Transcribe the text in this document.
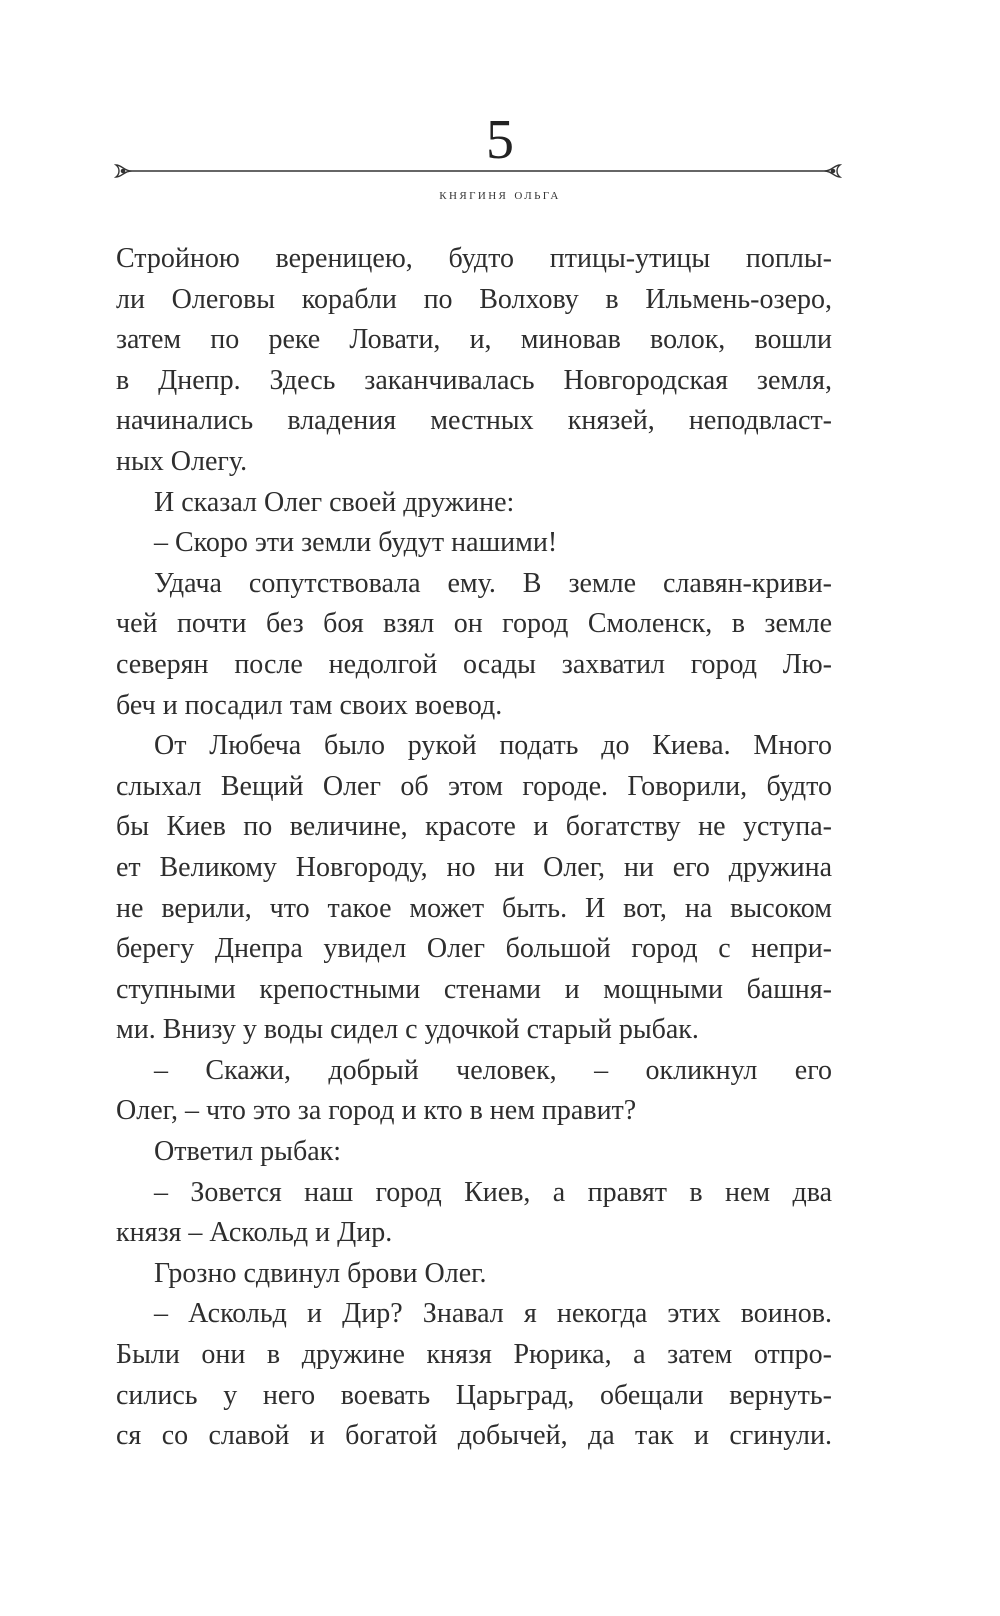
5
княгиня ольга
Стройною вереницею, будто птицы-утицы поплы-
ли Олеговы корабли по Волхову в Ильмень-озеро,
затем по реке Ловати, и, миновав волок, вошли
в Днепр. Здесь заканчивалась Новгородская земля,
начинались владения местных князей, неподвласт-
ных Олегу.
И сказал Олег своей дружине:
– Скоро эти земли будут нашими!
Удача сопутствовала ему. В земле славян-криви-
чей почти без боя взял он город Смоленск, в земле
северян после недолгой осады захватил город Лю-
беч и посадил там своих воевод.
От Любеча было рукой подать до Киева. Много
слыхал Вещий Олег об этом городе. Говорили, будто
бы Киев по величине, красоте и богатству не уступа-
ет Великому Новгороду, но ни Олег, ни его дружина
не верили, что такое может быть. И вот, на высоком
берегу Днепра увидел Олег большой город с непри-
ступными крепостными стенами и мощными башня-
ми. Внизу у воды сидел с удочкой старый рыбак.
– Скажи, добрый человек, – окликнул его
Олег, – что это за город и кто в нем правит?
Ответил рыбак:
– Зовется наш город Киев, а правят в нем два
князя – Аскольд и Дир.
Грозно сдвинул брови Олег.
– Аскольд и Дир? Знавал я некогда этих воинов.
Были они в дружине князя Рюрика, а затем отпро-
сились у него воевать Царьград, обещали вернуть-
ся со славой и богатой добычей, да так и сгинули.
